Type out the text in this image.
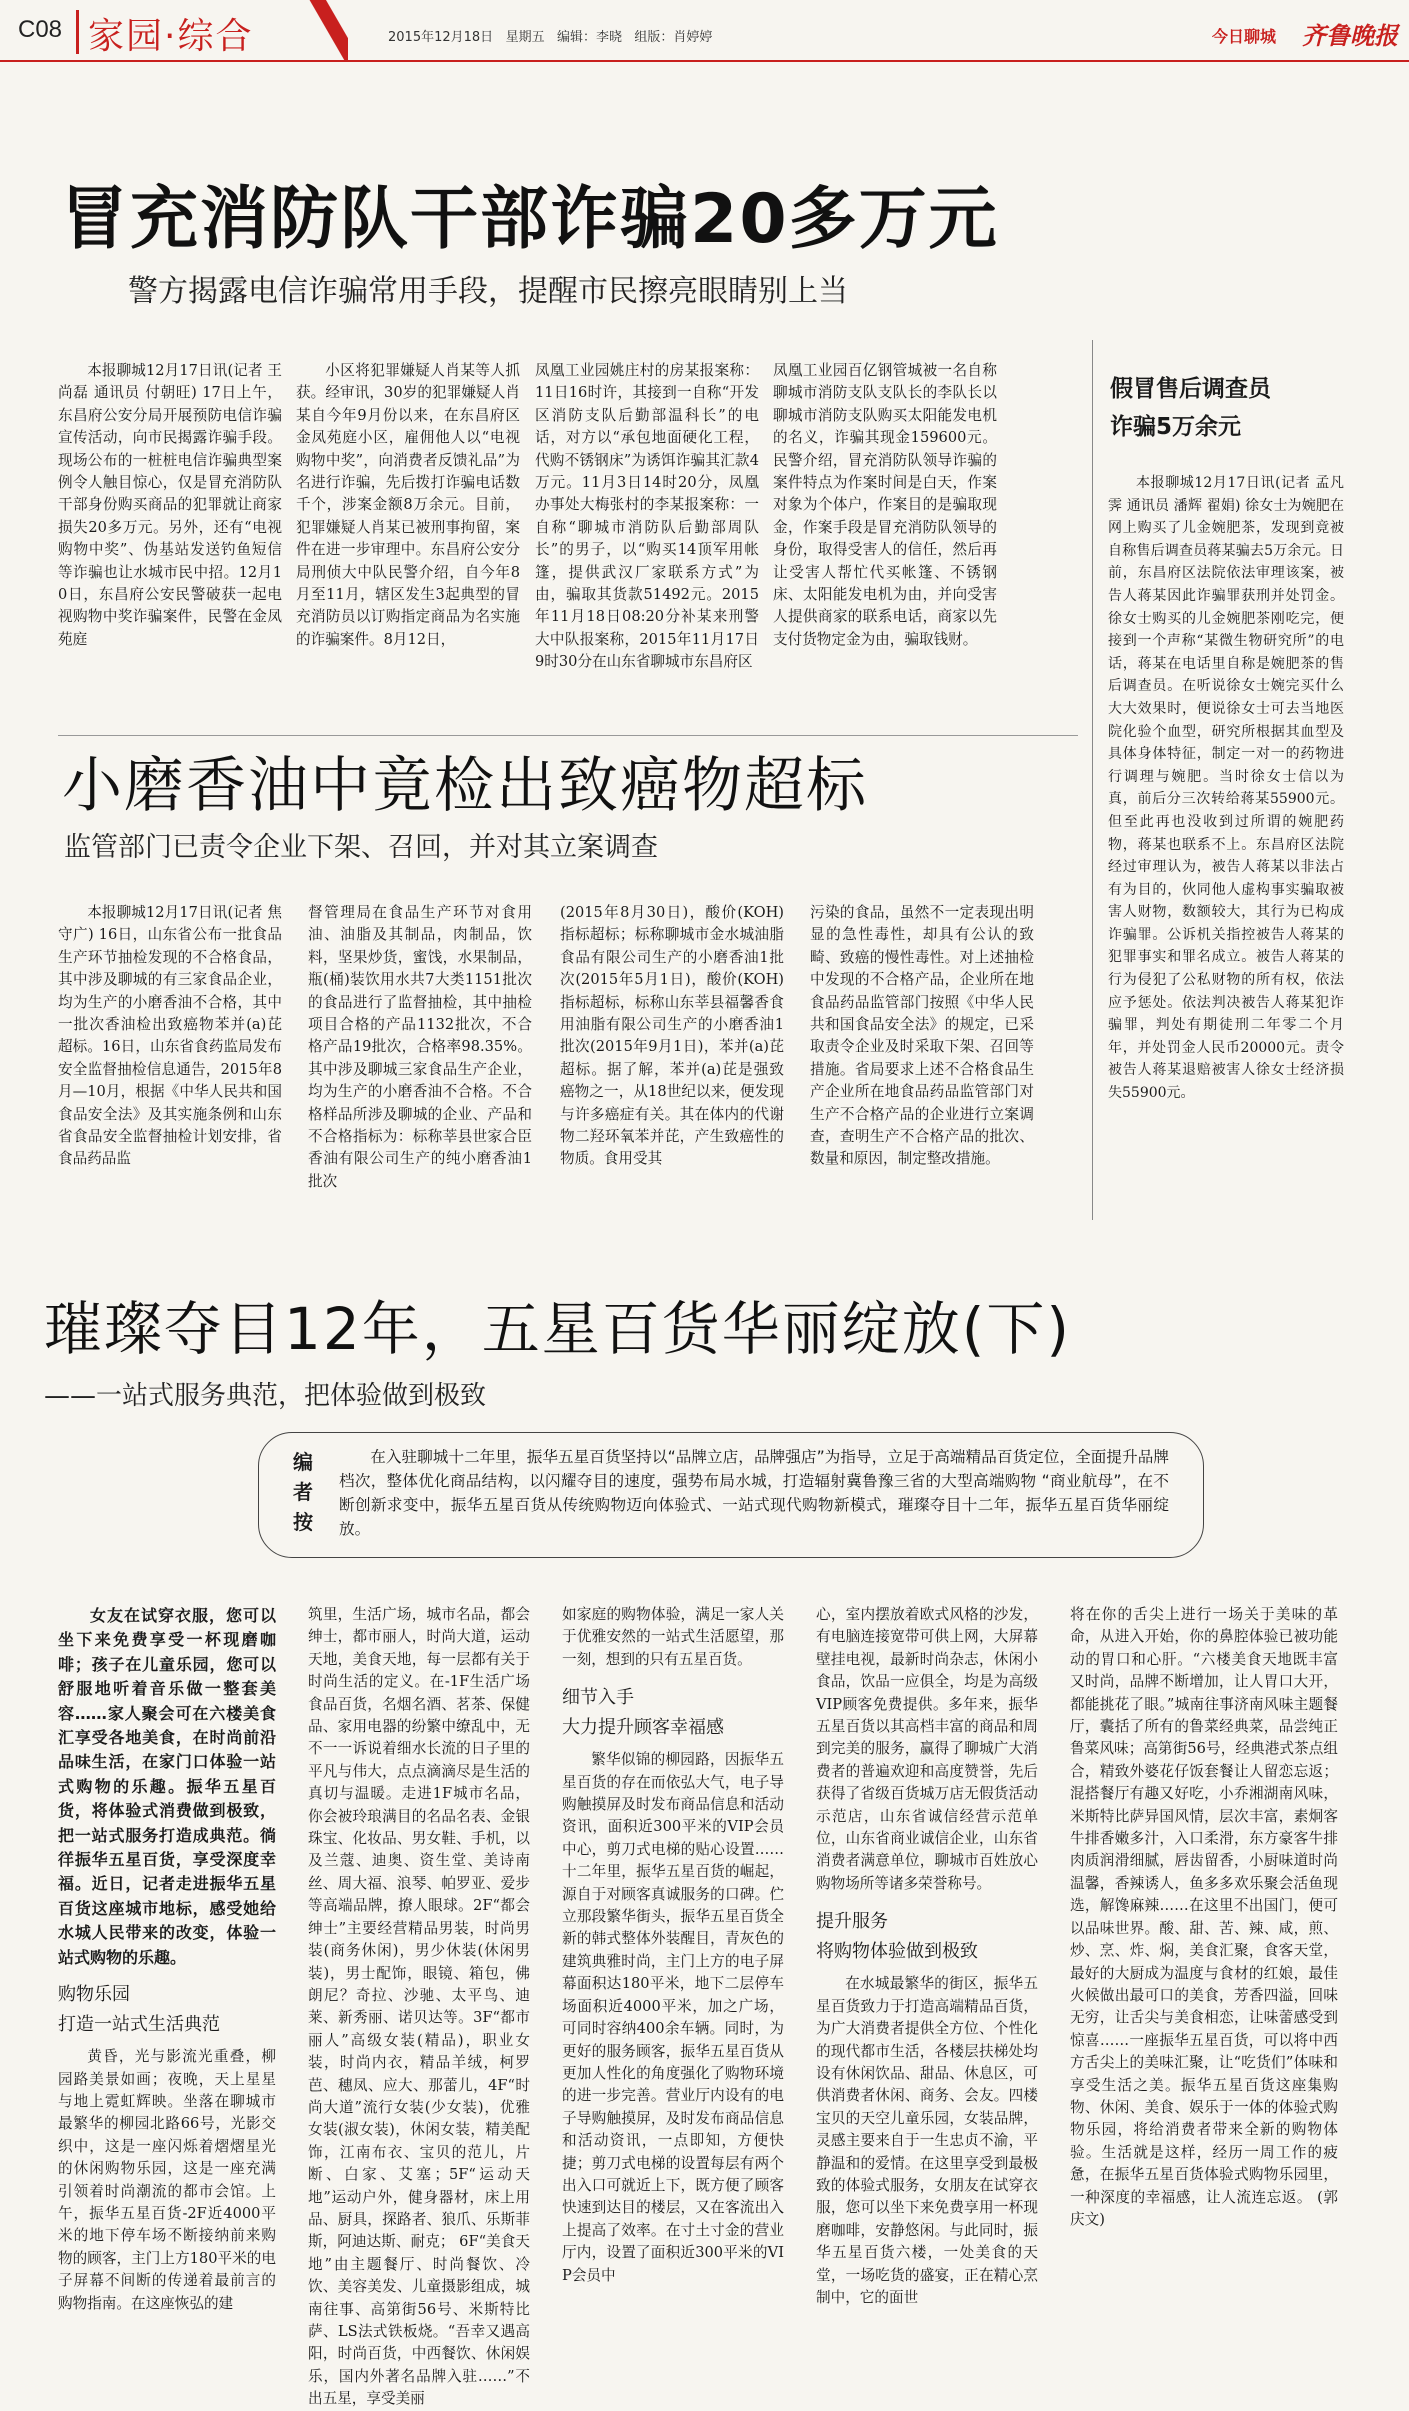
C08 家园·综合	2015年12月18日 星期五 编辑：李晓 组版：肖婷婷	今日聊城 齐鲁晚报
冒充消防队干部诈骗20多万元
警方揭露电信诈骗常用手段，提醒市民擦亮眼睛别上当

本报聊城12月17日讯(记者 王尚磊 通讯员 付朝旺) 17日上午，东昌府公安分局开展预防电信诈骗宣传活动，向市民揭露诈骗手段。现场公布的一桩桩电信诈骗典型案例令人触目惊心，仅是冒充消防队干部身份购买商品的犯罪就让商家损失20多万元。另外，还有“电视购物中奖”、伪基站发送钓鱼短信等诈骗也让水城市民中招。12月10日，东昌府公安民警破获一起电视购物中奖诈骗案件，民警在金凤苑庭

小区将犯罪嫌疑人肖某等人抓获。经审讯，30岁的犯罪嫌疑人肖某自今年9月份以来，在东昌府区金凤苑庭小区，雇佣他人以“电视购物中奖”，向消费者反馈礼品”为名进行诈骗，先后拨打诈骗电话数千个，涉案金额8万余元。目前，犯罪嫌疑人肖某已被刑事拘留，案件在进一步审理中。东昌府公安分局刑侦大中队民警介绍，自今年8月至11月，辖区发生3起典型的冒充消防员以订购指定商品为名实施的诈骗案件。8月12日，

凤凰工业园姚庄村的房某报案称：11日16时许，其接到一自称“开发区消防支队后勤部温科长”的电话，对方以“承包地面硬化工程，代购不锈钢床”为诱饵诈骗其汇款4万元。11月3日14时20分，凤凰办事处大梅张村的李某报案称：一自称“聊城市消防队后勤部周队长”的男子，以“购买14顶军用帐篷，提供武汉厂家联系方式”为由，骗取其货款51492元。2015年11月18日08:20分补某来刑警大中队报案称，2015年11月17日9时30分在山东省聊城市东昌府区

凤凰工业园百亿钢管城被一名自称聊城市消防支队支队长的李队长以聊城市消防支队购买太阳能发电机的名义，诈骗其现金159600元。民警介绍，冒充消防队领导诈骗的案件特点为作案时间是白天，作案对象为个体户，作案目的是骗取现金，作案手段是冒充消防队领导的身份，取得受害人的信任，然后再让受害人帮忙代买帐篷、不锈钢床、太阳能发电机为由，并向受害人提供商家的联系电话，商家以先支付货物定金为由，骗取钱财。

假冒售后调查员
诈骗5万余元

本报聊城12月17日讯(记者 孟凡霁 通讯员 潘辉 翟娟) 徐女士为婉肥在网上购买了儿金婉肥茶，发现到竟被自称售后调查员蒋某骗去5万余元。日前，东昌府区法院依法审理该案，被告人蒋某因此诈骗罪获刑并处罚金。徐女士购买的儿金婉肥茶刚吃完，便接到一个声称“某微生物研究所”的电话，蒋某在电话里自称是婉肥茶的售后调查员。在听说徐女士婉完买什么大大效果时，便说徐女士可去当地医院化验个血型，研究所根据其血型及具体身体特征，制定一对一的药物进行调理与婉肥。当时徐女士信以为真，前后分三次转给蒋某55900元。但至此再也没收到过所谓的婉肥药物，蒋某也联系不上。东昌府区法院经过审理认为，被告人蒋某以非法占有为目的，伙同他人虚构事实骗取被害人财物，数额较大，其行为已构成诈骗罪。公诉机关指控被告人蒋某的犯罪事实和罪名成立。被告人蒋某的行为侵犯了公私财物的所有权，依法应予惩处。依法判决被告人蒋某犯诈骗罪，判处有期徒刑二年零二个月年，并处罚金人民币20000元。责令被告人蒋某退赔被害人徐女士经济损失55900元。

小磨香油中竟检出致癌物超标
监管部门已责令企业下架、召回，并对其立案调查

本报聊城12月17日讯(记者 焦守广) 16日，山东省公布一批食品生产环节抽检发现的不合格食品，其中涉及聊城的有三家食品企业，均为生产的小磨香油不合格，其中一批次香油检出致癌物苯并(a)芘超标。16日，山东省食药监局发布安全监督抽检信息通告，2015年8月—10月，根据《中华人民共和国食品安全法》及其实施条例和山东省食品安全监督抽检计划安排，省食品药品监

督管理局在食品生产环节对食用油、油脂及其制品，肉制品，饮料，坚果炒货，蜜饯，水果制品，瓶(桶)装饮用水共7大类1151批次的食品进行了监督抽检，其中抽检项目合格的产品1132批次，不合格产品19批次，合格率98.35%。其中涉及聊城三家食品生产企业，均为生产的小磨香油不合格。不合格样品所涉及聊城的企业、产品和不合格指标为：标称莘县世家合臣香油有限公司生产的纯小磨香油1批次

(2015年8月30日)，酸价(KOH)指标超标；标称聊城市金水城油脂食品有限公司生产的小磨香油1批次(2015年5月1日)，酸价(KOH)指标超标，标称山东莘县福馨香食用油脂有限公司生产的小磨香油1批次(2015年9月1日)，苯并(a)芘超标。据了解，苯并(a)芘是强致癌物之一，从18世纪以来，便发现与许多癌症有关。其在体内的代谢物二羟环氧苯并芘，产生致癌性的物质。食用受其

污染的食品，虽然不一定表现出明显的急性毒性，却具有公认的致畸、致癌的慢性毒性。对上述抽检中发现的不合格产品，企业所在地食品药品监管部门按照《中华人民共和国食品安全法》的规定，已采取责令企业及时采取下架、召回等措施。省局要求上述不合格食品生产企业所在地食品药品监管部门对生产不合格产品的企业进行立案调查，查明生产不合格产品的批次、数量和原因，制定整改措施。

璀璨夺目12年，五星百货华丽绽放(下)
——一站式服务典范，把体验做到极致
编者按
在入驻聊城十二年里，振华五星百货坚持以“品牌立店，品牌强店”为指导，立足于高端精品百货定位，全面提升品牌档次，整体优化商品结构，以闪耀夺目的速度，强势布局水城，打造辐射冀鲁豫三省的大型高端购物 “商业航母”，在不断创新求变中，振华五星百货从传统购物迈向体验式、一站式现代购物新模式，璀璨夺目十二年，振华五星百货华丽绽放。

女友在试穿衣服，您可以坐下来免费享受一杯现磨咖啡；孩子在儿童乐园，您可以舒服地听着音乐做一整套美容……家人聚会可在六楼美食汇享受各地美食，在时尚前沿品味生活，在家门口体验一站式购物的乐趣。振华五星百货，将体验式消费做到极致，把一站式服务打造成典范。徜徉振华五星百货，享受深度幸福。近日，记者走进振华五星百货这座城市地标，感受她给水城人民带来的改变，体验一站式购物的乐趣。

购物乐园
打造一站式生活典范

黄昏，光与影流光重叠，柳园路美景如画；夜晚，天上星星与地上霓虹辉映。坐落在聊城市最繁华的柳园北路66号，光影交织中，这是一座闪烁着熠熠星光的休闲购物乐园，这是一座充满引领着时尚潮流的都市会馆。上午，振华五星百货-2F近4000平米的地下停车场不断接纳前来购物的顾客，主门上方180平米的电子屏幕不间断的传递着最前言的购物指南。在这座恢弘的建

筑里，生活广场，城市名品，都会绅士，都市丽人，时尚大道，运动天地，美食天地，每一层都有关于时尚生活的定义。在-1F生活广场食品百货，名烟名酒、茗茶、保健品、家用电器的纷繁中缭乱中，无不一一诉说着细水长流的日子里的平凡与伟大，点点滴滴尽是生活的真切与温暖。走进1F城市名品，你会被玲琅满目的名品名表、金银珠宝、化妆品、男女鞋、手机，以及兰蔻、迪奥、资生堂、美诗南丝、周大福、浪琴、帕罗亚、爱步等高端品牌，撩人眼球。2F“都会绅士”主要经营精品男装，时尚男装(商务休闲)，男少休装(休闲男装)，男士配饰，眼镜、箱包，佛朗尼？奇拉、沙驰、太平鸟、迪莱、新秀丽、诺贝达等。3F“都市丽人”高级女装(精品)，职业女装，时尚内衣，精品羊绒，柯罗芭、穗凤、应大、那蕾儿，4F“时尚大道”流行女装(少女装)，优雅女装(淑女装)，休闲女装，精美配饰，江南布衣、宝贝的范儿，片断、白家、艾塞；5F“运动天地”运动户外，健身器材，床上用品、厨具，探路者、狼爪、乐斯菲斯，阿迪达斯、耐克； 6F“美食天地”由主题餐厅、时尚餐饮、冷饮、美容美发、儿童摄影组成，城南往事、高第街56号、米斯特比萨、LS法式铁板烧。“吾幸又遇高阳，时尚百货，中西餐饮、休闲娱乐，国内外著名品牌入驻……”不出五星，享受美丽

如家庭的购物体验，满足一家人关于优雅安然的一站式生活愿望，那一刻，想到的只有五星百货。

细节入手
大力提升顾客幸福感

繁华似锦的柳园路，因振华五星百货的存在而依弘大气，电子导购触摸屏及时发布商品信息和活动资讯，面积近300平米的VIP会员中心，剪刀式电梯的贴心设置……十二年里，振华五星百货的崛起，源自于对顾客真诚服务的口碑。伫立那段繁华街头，振华五星百货全新的韩式整体外装醒目，青灰色的建筑典雅时尚，主门上方的电子屏幕面积达180平米，地下二层停车场面积近4000平米，加之广场，可同时容纳400余车辆。同时，为更好的服务顾客，振华五星百货从更加人性化的角度强化了购物环境的进一步完善。营业厅内设有的电子导购触摸屏，及时发布商品信息和活动资讯，一点即知，方便快捷；剪刀式电梯的设置每层有两个出入口可就近上下，既方便了顾客快速到达目的楼层，又在客流出入上提高了效率。在寸土寸金的营业厅内，设置了面积近300平米的VIP会员中

心，室内摆放着欧式风格的沙发，有电脑连接宽带可供上网，大屏幕壁挂电视，最新时尚杂志，休闲小食品，饮品一应俱全，均是为高级VIP顾客免费提供。多年来，振华五星百货以其高档丰富的商品和周到完美的服务，赢得了聊城广大消费者的普遍欢迎和高度赞誉，先后获得了省级百货城万店无假货活动示范店，山东省诚信经营示范单位，山东省商业诚信企业，山东省消费者满意单位，聊城市百姓放心购物场所等诸多荣誉称号。

提升服务
将购物体验做到极致

在水城最繁华的街区，振华五星百货致力于打造高端精品百货，为广大消费者提供全方位、个性化的现代都市生活，各楼层扶梯处均设有休闲饮品、甜品、休息区，可供消费者休闲、商务、会友。四楼宝贝的天空儿童乐园，女装品牌，灵感主要来自于一生忠贞不渝，平静温和的爱情。在这里享受到最极致的体验式服务，女朋友在试穿衣服，您可以坐下来免费享用一杯现磨咖啡，安静悠闲。与此同时，振华五星百货六楼，一处美食的天堂，一场吃货的盛宴，正在精心烹制中，它的面世

将在你的舌尖上进行一场关于美味的革命，从进入开始，你的鼻腔体验已被功能动的胃口和心肝。“六楼美食天地既丰富又时尚，品牌不断增加，让人胃口大开，都能挑花了眼。”城南往事济南风味主题餐厅，囊括了所有的鲁菜经典菜，品尝纯正鲁菜风味；高第街56号，经典港式茶点组合，精致外婆花仔饭套餐让人留恋忘返；混搭餐厅有趣又好吃，小乔湘湖南风味，米斯特比萨异国风情，层次丰富，素炯客牛排香嫩多汁，入口柔滑，东方豪客牛排肉质润滑细腻，唇齿留香，小厨味道时尚温馨，香辣诱人，鱼多多欢乐聚会活鱼现选，解馋麻辣……在这里不出国门，便可以品味世界。酸、甜、苦、辣、咸，煎、炒、烹、炸、焖，美食汇聚，食客天堂，最好的大厨成为温度与食材的红娘，最佳火候做出最可口的美食，芳香四溢，回味无穷，让舌尖与美食相恋，让味蕾感受到惊喜……一座振华五星百货，可以将中西方舌尖上的美味汇聚，让“吃货们”体味和享受生活之美。振华五星百货这座集购物、休闲、美食、娱乐于一体的体验式购物乐园，将给消费者带来全新的购物体验。生活就是这样，经历一周工作的疲惫，在振华五星百货体验式购物乐园里，一种深度的幸福感，让人流连忘返。 (郭庆文)
